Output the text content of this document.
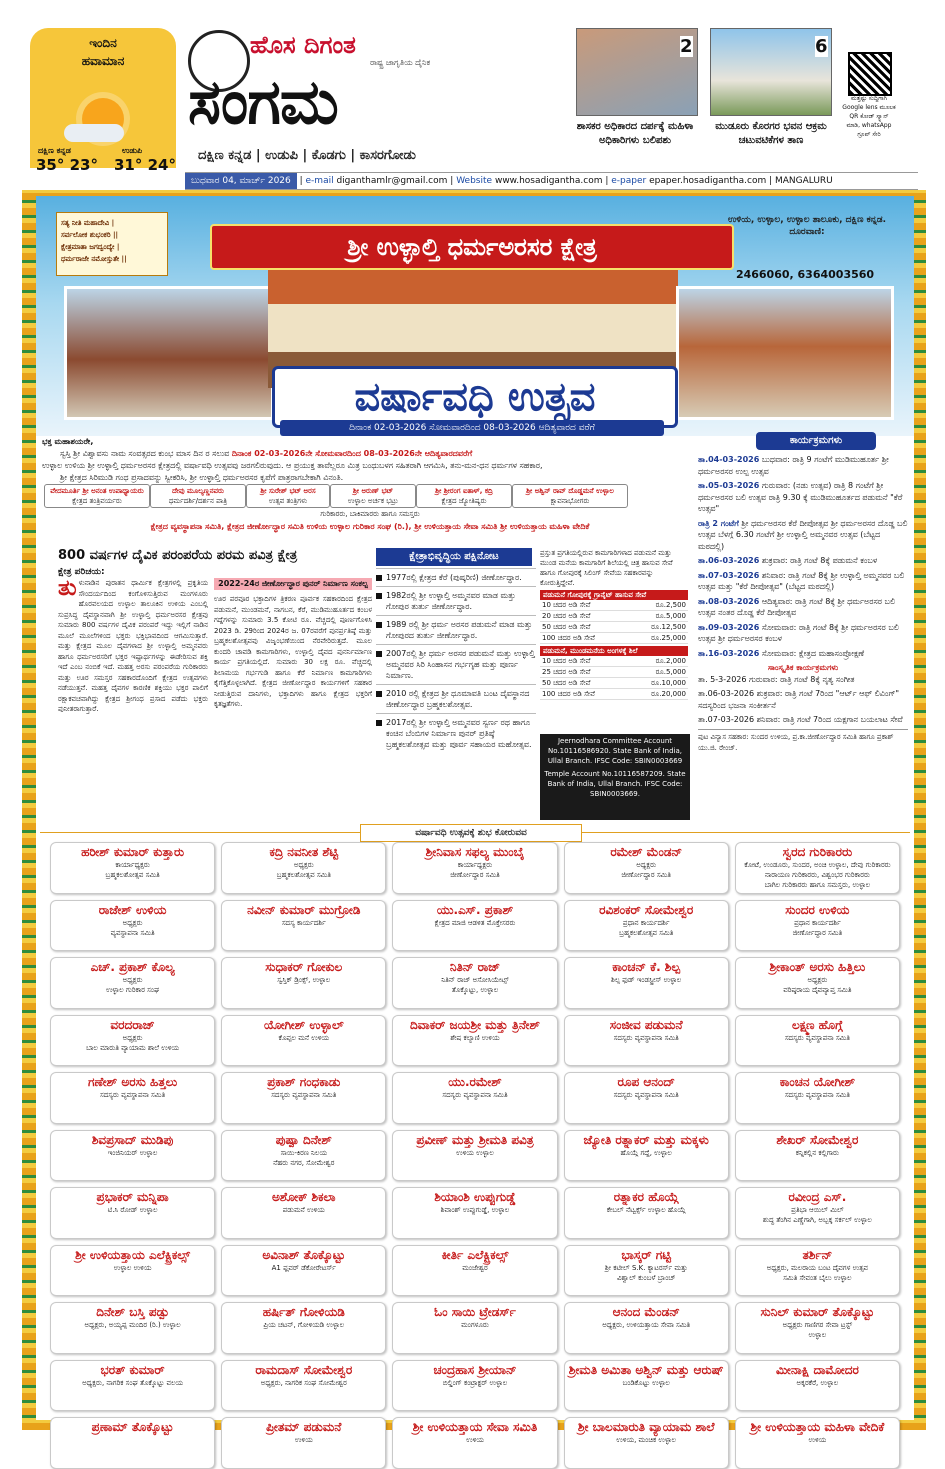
ಇಂದಿನ
ಹವಾಮಾನ
ದಕ್ಷಿಣ ಕನ್ನಡ	ಉಡುಪಿ
35° 23° 31° 24°
ಹೊಸ ದಿಗಂತ
ರಾಷ್ಟ್ರ ಜಾಗೃತಿಯ ದೈನಿಕ
ಸಂಗಮ
ದಕ್ಷಿಣ ಕನ್ನಡ | ಉಡುಪಿ | ಕೊಡಗು | ಕಾಸರಗೋಡು
ಬುಧವಾರ 04, ಮಾರ್ಚ್ 2026 | e-mail diganthamlr@gmail.com | Website www.hosadigantha.com | e-paper epaper.hosadigantha.com | MANGALURU
2
ಶಾಸಕರ ಅಧಿಕಾರದ ದರ್ಪಕ್ಕೆ ಮಹಿಳಾ ಅಧಿಕಾರಿಗಳು ಬಲಿಪಶು
6
ಮುಡೂರು ಕೊರಗರ ಭವನ ಆಕ್ರಮ ಚಟುವಟಿಕೆಗಳ ತಾಣ
ಮತ್ತಷ್ಟು ಸುದ್ದಿಗಾಗಿ Google lens ಮೂಲಕ QR ಕೋಡ್ ಸ್ಕ್ಯಾನ್ ಮಾಡಿ, whatsApp ಗ್ರೂಪ್ ಸೇರಿ
ಶ್ರೀ ಉಳ್ಳಾಲ್ತಿ ಧರ್ಮಅರಸರ ಕ್ಷೇತ್ರ
ಸತ್ಯ ನೀತಿ ಮಹಾದೇವಿ |
ಸರ್ವಲೋಕ ಶುಭಂಕರಿ ||
ಕ್ಷೇತ್ರಮಾತಾ ಜಗದ್ವಂದ್ಯೇ |
ಧರ್ಮರಾಜೇ ನಮೋಸ್ತುತೇ ||
ಉಳಿಯ, ಉಳ್ಳಾಲ, ಉಳ್ಳಾಲ ತಾಲೂಕು, ದಕ್ಷಿಣ ಕನ್ನಡ. ದೂರವಾಣಿ:
2466060, 6364003560
ವರ್ಷಾವಧಿ ಉತ್ಸವ
ದಿನಾಂಕ 02-03-2026 ಸೋಮವಾರದಿಂದ 08-03-2026 ಆದಿತ್ಯವಾರದ ವರೆಗೆ
ಭಕ್ತ ಮಹಾಶಯರೇ,
ಸ್ವಸ್ತಿ ಶ್ರೀ ವಿಶ್ವಾವಸು ನಾಮ ಸಂವತ್ಸರದ ಕುಂಭ ಮಾಸ ದಿನ ರ ಸಲುವ ದಿನಾಂಕ 02-03-2026ನೇ ಸೋಮವಾರದಿಂದ 08-03-2026ನೇ ಆದಿತ್ಯವಾರದವರೆಗೆ
ಉಳ್ಳಾಲ ಉಳಿಯ ಶ್ರೀ ಉಳ್ಳಾಲ್ತಿ ಧರ್ಮಅರಸರ ಕ್ಷೇತ್ರದಲ್ಲಿ ವರ್ಷಾವಧಿ ಉತ್ಸವವು ಜರಗಲಿರುವುದು. ಆ ಪ್ರಯುಕ್ತ ತಾವೆಲ್ಲರೂ ಮಿತ್ರ ಬಂಧುಬಳಗ ಸಹಿತರಾಗಿ ಆಗಮಿಸಿ, ತನು-ಮನ-ಧನ ಧರ್ಮಗಳ ಸಹಕಾರ,
ಶ್ರೀ ಕ್ಷೇತ್ರದ ಸಿರಿಮುಡಿ ಗಂಧ ಪ್ರಸಾದವನ್ನು ಸ್ವೀಕರಿಸಿ, ಶ್ರೀ ಉಳ್ಳಾಲ್ತಿ ಧರ್ಮಅರಸರ ಕೃಪೆಗೆ ಪಾತ್ರರಾಗಬೇಕಾಗಿ ವಿನಂತಿ.
ವೇದಮೂರ್ತಿ ಶ್ರೀ ಅನಂತ ಉಪಾಧ್ಯಾಯರು
ಕ್ಷೇತ್ರದ ತಂತ್ರಿವರ್ಯರು
ದೇವು ಮೂಲ್ಯಣ್ಣನವರು
ಧರ್ಮದರ್ಶಿ/ದರ್ಶನ ಪಾತ್ರಿ
ಶ್ರೀ ಸುರೇಶ್ ಭಟ್ ಅರಸ
ಉತ್ಸವ ತಂತ್ರಿಗಳು
ಶ್ರೀ ಅರುಣ್ ಭಟ್
ಉಳ್ಳಾಲ ಅರ್ಚಕ ಭಟ್ರು
ಶ್ರೀ ಶ್ರೀರಂಗ ಐತಾಳ್, ಕದ್ರಿ
ಕ್ಷೇತ್ರದ ಜ್ಯೋತಿಷ್ಯರು
ಶ್ರೀ ಅಶ್ವಿನ್ ರಾವ್ ದೊಡ್ಡಮನೆ ಉಳ್ಳಾಲ
ಕ್ಷಾವನಾಭೋಗರು
ಗುರಿಕಾರರು, ಬಾಕಿಮಾರರು ಹಾಗೂ ಸಮಸ್ತರು
ಕ್ಷೇತ್ರದ ವ್ಯವಸ್ಥಾಪನಾ ಸಮಿತಿ, ಕ್ಷೇತ್ರದ ಜೀರ್ಣೋದ್ಧಾರ ಸಮಿತಿ ಉಳಿಯ ಉಳ್ಳಾಲ ಗುರಿಕಾರ ಸಂಘ (ರಿ.), ಶ್ರೀ ಉಳಿಯತ್ತಾಯ ಸೇವಾ ಸಮಿತಿ ಶ್ರೀ ಉಳಿಯತ್ತಾಯ ಮಹಿಳಾ ವೇದಿಕೆ
ಕಾರ್ಯಕ್ರಮಗಳು
ತಾ.04-03-2026 ಬುಧವಾರ: ರಾತ್ರಿ 9 ಗಂಟೆಗೆ ಮುಡಿಮುಹೂರ್ತ ಶ್ರೀ ಧರ್ಮಅರಸರ ಉಲ್ಪ ಉತ್ಸವ
ತಾ.05-03-2026 ಗುರುವಾರ: (ನಡು ಉತ್ಸವ) ರಾತ್ರಿ 8 ಗಂಟೆಗೆ ಶ್ರೀ ಧರ್ಮಅರಸರ ಬಲಿ ಉತ್ಸವ ರಾತ್ರಿ 9.30 ಕ್ಕೆ ಮುಡಿಮುಹೂರ್ತದ ಪಡುಮನೆ "ಕೆರೆ ಉತ್ಸವ"
ರಾತ್ರಿ 2 ಗಂಟೆಗೆ ಶ್ರೀ ಧರ್ಮಅರಸರ ಕೆರೆ ದೀಪೋತ್ಸವ ಶ್ರೀ ಧರ್ಮಅರಸರ ದೊಡ್ಡ ಬಲಿ ಉತ್ಸವ ಬೆಳಗ್ಗೆ 6.30 ಗಂಟೆಗೆ ಶ್ರೀ ಉಳ್ಳಾಲ್ತಿ ಅಮ್ಮನವರ ಉತ್ಸವ (ಬೆಟ್ಟದ ಮಠದಲ್ಲಿ)
ತಾ.06-03-2026 ಶುಕ್ರವಾರ: ರಾತ್ರಿ ಗಂಟೆ 8ಕ್ಕೆ ಪಡುಮನೆ ಕಂಬಳ
ತಾ.07-03-2026 ಶನಿವಾರ: ರಾತ್ರಿ ಗಂಟೆ 8ಕ್ಕೆ ಶ್ರೀ ಉಳ್ಳಾಲ್ತಿ ಅಮ್ಮನವರ ಬಲಿ ಉತ್ಸವ ಮತ್ತು "ಕೆರೆ ದೀಪೋತ್ಸವ" (ಬೆಟ್ಟದ ಮಠದಲ್ಲಿ)
ತಾ.08-03-2026 ಆದಿತ್ಯವಾರ: ರಾತ್ರಿ ಗಂಟೆ 8ಕ್ಕೆ ಶ್ರೀ ಧರ್ಮಅರಸರ ಬಲಿ ಉತ್ಸವ ನಂತರ ದೊಡ್ಡ ಕೆರೆ ದೀಪೋತ್ಸವ
ತಾ.09-03-2026 ಸೋಮವಾರ: ರಾತ್ರಿ ಗಂಟೆ 8ಕ್ಕೆ ಶ್ರೀ ಧರ್ಮಅರಸರ ಬಲಿ ಉತ್ಸವ ಶ್ರೀ ಧರ್ಮಅರಸರ ಕಂಬಳ
ತಾ.16-03-2026 ಸೋಮವಾರ: ಕ್ಷೇತ್ರದ ಮಹಾಸಂಪ್ರೋಕ್ಷಣೆ
ಸಾಂಸ್ಕೃತಿಕ ಕಾರ್ಯಕ್ರಮಗಳು
ತಾ. 5-3-2026 ಗುರುವಾರ: ರಾತ್ರಿ ಗಂಟೆ 8ಕ್ಕೆ ನೃತ್ಯ ಸಂಗೀತ
ತಾ.06-03-2026 ಶುಕ್ರವಾರ: ರಾತ್ರಿ ಗಂಟೆ 7ರಿಂದ "ಆರ್ಟ್ ಆಫ್ ಲಿವಿಂಗ್" ಸದಸ್ಯರಿಂದ ಭಜನಾ ಸಂಕೀರ್ತನೆ
ತಾ.07-03-2026 ಶನಿವಾರ: ರಾತ್ರಿ ಗಂಟೆ 7ರಿಂದ ಯಕ್ಷಗಾನ ಬಯಲಾಟ ಸೇವೆ
ಪುಟ ವಿನ್ಯಾಸ ಸಹಕಾರ: ಸುಂದರ ಉಳಿಯ, ಪ್ರ.ಕಾ.ಜೀರ್ಣೋದ್ಧಾರ ಸಮಿತಿ ಹಾಗೂ ಪ್ರಕಾಶ್ ಯು.ಜಿ. ರೇಂಜ್.
800 ವರ್ಷಗಳ ದೈವಿಕ ಪರಂಪರೆಯ ಪರಮ ಪವಿತ್ರ ಕ್ಷೇತ್ರ
ಕ್ಷೇತ್ರ ಪರಿಚಯ:
ತು ಳುನಾಡಿನ ಪುರಾತನ ಧಾರ್ಮಿಕ ಕ್ಷೇತ್ರಗಳಲ್ಲಿ ಪ್ರಕೃತಿಯ ಸೌಂದರ್ಯದಿಂದ ಕಂಗೊಳಿಸುತ್ತಿರುವ ಮಂಗಳೂರು ಹೊರವಲಯದ ಉಳ್ಳಾಲ ತಾಲೂಕಿನ ಉಳಿಯ ಎಂಬಲ್ಲಿ ಸುಪ್ರಸಿದ್ಧ ದೈವಸ್ಥಾನವಾಗಿ ಶ್ರೀ ಉಳ್ಳಾಲ್ತಿ ಧರ್ಮಅರಸರ ಕ್ಷೇತ್ರವು ಸುಮಾರು 800 ವರ್ಷಗಳ ದೈವಿಕ ಪರಂಪರೆ ಇದ್ದು ಇಲ್ಲಿಗೆ ನಾಡಿನ ಮೂಲೆ ಮೂಲೆಗಳಿಂದ ಭಕ್ತರು ಭಕ್ತಿಭಾವದಿಂದ ಆಗಮಿಸುತ್ತಾರೆ. ಮತ್ತು ಕ್ಷೇತ್ರದ ಮೂಲ ದೈವಗಳಾದ ಶ್ರೀ ಉಳ್ಳಾಲ್ತಿ ಅಮ್ಮನವರು ಹಾಗೂ ಧರ್ಮಅರಸರಿಗೆ ಭಕ್ತರ ಇಷ್ಟಾರ್ಥಗಳನ್ನು ಈಡೇರಿಸುವ ಶಕ್ತಿ ಇದೆ ಎಂಬ ನಂಬಿಕೆ ಇದೆ. ಮಹತ್ತ ಅರಸು ಪರಂಪರೆಯ ಗುರಿಕಾರರು ಮತ್ತು ಊರ ಸಮಸ್ತರ ಸಹಕಾರದೊಂದಿಗೆ ಕ್ಷೇತ್ರದ ಉತ್ಸವಗಳು ನಡೆಯುತ್ತವೆ. ಮಹತ್ತ ದೈವಗಳ ಕಾರಣಿಕ ಶಕ್ತಿಯು ಭಕ್ತರ ಪಾಲಿಗೆ ರಕ್ಷಾಕವಚವಾಗಿದ್ದು ಕ್ಷೇತ್ರದ ಶ್ರೀಗಂಧ ಪ್ರಸಾದ ಪಡೆದು ಭಕ್ತರು ಪುನೀತರಾಗುತ್ತಾರೆ.
2022-24ರ ಜೀರ್ಣೋದ್ಧಾರ ಪುನರ್ ನಿರ್ಮಾಣ ಸಂಕಲ್ಪ
ಊರ ಪರವೂರ ಭಕ್ತಾದಿಗಳ ತ್ರಿಕರಣ ಪೂರ್ವಕ ಸಹಕಾರದಿಂದ ಕ್ಷೇತ್ರದ ಪಡುಮನೆ, ಮುಂಡಮನೆ, ನಾಗಬನ, ಕೆರೆ, ಮುಡಿಮುಹೂರ್ತದ ಕಂಬಳ ಗದ್ದೆಗಳನ್ನು ಸುಮಾರು 3.5 ಕೋಟಿ ರೂ. ವೆಚ್ಚದಲ್ಲಿ ಪೂರ್ಣಗೊಳಿಸಿ 2023 ಡಿ. 29ರಿಂದ 2024ರ ಜ. 07ರವರೆಗೆ ಪುನರ್ಪ್ರತಿಷ್ಠೆ ಮತ್ತು ಬ್ರಹ್ಮಕಲಶೋತ್ಸವವು ವಿಜೃಂಭಣೆಯಿಂದ ನೆರವೇರಿರುತ್ತದೆ. ಮೂಲ ಕುಂದರಿ ಚಾವಡಿ ಕಾಮಗಾರಿಗಳು, ಉಳ್ಳಾಲ್ತಿ ದೈವದ ಪುನರ್ನಿರ್ಮಾಣ ಕಾರ್ಯ ಪ್ರಗತಿಯಲ್ಲಿದೆ. ಸುಮಾರು 30 ಲಕ್ಷ ರೂ. ವೆಚ್ಚದಲ್ಲಿ ಶಿಲಾಮಯ ಗರ್ಭಗುಡಿ ಹಾಗೂ ಕೆರೆ ನಿರ್ಮಾಣ ಕಾಮಗಾರಿಗಳು ಕೈಗೆತ್ತಿಕೊಳ್ಳಲಾಗಿದೆ. ಕ್ಷೇತ್ರದ ಜೀರ್ಣೋದ್ಧಾರ ಕಾರ್ಯಗಳಿಗೆ ಸಹಕಾರ ನೀಡುತ್ತಿರುವ ದಾನಿಗಳು, ಭಕ್ತಾದಿಗಳು ಹಾಗೂ ಕ್ಷೇತ್ರದ ಭಕ್ತರಿಗೆ ಕೃತಜ್ಞತೆಗಳು.
ಕ್ಷೇತ್ರಾಭಿವೃದ್ಧಿಯ ಪಕ್ಷಿನೋಟ
1977ರಲ್ಲಿ ಕ್ಷೇತ್ರದ ಕೆರೆ (ಪುಷ್ಕರಿಣಿ) ಜೀರ್ಣೋದ್ಧಾರ.
1982ರಲ್ಲಿ ಶ್ರೀ ಉಳ್ಳಾಲ್ತಿ ಅಮ್ಮನವರ ಮಾಡ ಮತ್ತು ಗೋಪುರ ತುರ್ತು ಜೀರ್ಣೋದ್ಧಾರ.
1989 ರಲ್ಲಿ ಶ್ರೀ ಧರ್ಮ ಅರಸರ ಪಡುಮನೆ ಮಾಡ ಮತ್ತು ಗೋಪುರದ ತುರ್ತು ಜೀರ್ಣೋದ್ಧಾರ.
2007ರಲ್ಲಿ ಶ್ರೀ ಧರ್ಮ ಅರಸರ ಪಡುಮನೆ ಮತ್ತು ಉಳ್ಳಾಲ್ತಿ ಅಮ್ಮನವರ ಸಿರಿ ಸಿಂಹಾಸನ ಗರ್ಭಗೃಹ ಮತ್ತು ಪೂರ್ಣ ನಿರ್ಮಾಣ.
2010 ರಲ್ಲಿ ಕ್ಷೇತ್ರದ ಶ್ರೀ ಧೂಮಾವತಿ ಬಂಟ ದೈವಸ್ಥಾನದ ಜೀರ್ಣೋದ್ಧಾರ ಬ್ರಹ್ಮಕಲಶೋತ್ಸವ.
2017ರಲ್ಲಿ ಶ್ರೀ ಉಳ್ಳಾಲ್ತಿ ಅಮ್ಮನವರ ಸ್ವರ್ಣ ರಥ ಹಾಗೂ ಕಂಚಿನ ಬೆಂಬಿಗಳ ನಿರ್ಮಾಣ ಪುನರ್ ಪ್ರತಿಷ್ಠೆ ಬ್ರಹ್ಮಕಲಶೋತ್ಸವ ಮತ್ತು ಪೂರ್ವ ಸಹಾಯರ ಮಹೋತ್ಸವ.
ಪ್ರಸ್ತುತ ಪ್ರಗತಿಯಲ್ಲಿರುವ ಕಾಮಗಾರಿಗಳಾದ ಪಡುಮನೆ ಮತ್ತು ಮುಂಡ ಮನೆಯ ಕಾಮಗಾರಿಗೆ ಶಿಲೆಯಲ್ಲಿ ಚಿತ್ರ ಹಾಸುವ ಸೇವೆ ಹಾಗೂ ಗೋಪುರಕ್ಕೆ ಸಿಲಿಂಗ್ ಸೇವೆಯ ಸಹಕಾರವನ್ನು ಕೋರುತ್ತಿದ್ದೇವೆ.
ಪಡುಮನೆ ಗೋಪುರಕ್ಕೆ ಗ್ರಾನೈಟ್ ಹಾಸುವ ಸೇವೆ
10 ಚದರ ಅಡಿ ಸೇವೆ	ರೂ.2,500
20 ಚದರ ಅಡಿ ಸೇವೆ	ರೂ.5,000
50 ಚದರ ಅಡಿ ಸೇವೆ	ರೂ.12,500
100 ಚದರ ಅಡಿ ಸೇವೆ	ರೂ.25,000
ಪಡುಮನೆ, ಮುಂಡಮನೆಯ ಅಂಗಳಕ್ಕೆ ಶಿಲೆ
10 ಚದರ ಅಡಿ ಸೇವೆ	ರೂ.2,000
25 ಚದರ ಅಡಿ ಸೇವೆ	ರೂ.5,000
50 ಚದರ ಅಡಿ ಸೇವೆ	ರೂ.10,000
100 ಚದರ ಅಡಿ ಸೇವೆ	ರೂ.20,000
Jeernodhara Committee Account No.10116586920. State Bank of India, Ullal Branch. IFSC Code: SBIN0003669
Temple Account No.10116587209. State Bank of India, Ullal Branch. IFSC Code: SBIN0003669.
ವರ್ಷಾವಧಿ ಉತ್ಸವಕ್ಕೆ ಶುಭ ಕೋರುವವ
ಹರೀಶ್ ಕುಮಾರ್ ಕುತ್ತಾರು
ಕಾರ್ಯಾಧ್ಯಕ್ಷರು
ಬ್ರಹ್ಮಕಲಶೋತ್ಸವ ಸಮಿತಿ
ಕದ್ರಿ ನವನೀತ ಶೆಟ್ಟಿ
ಅಧ್ಯಕ್ಷರು
ಬ್ರಹ್ಮಕಲಶೋತ್ಸವ ಸಮಿತಿ
ಶ್ರೀನಿವಾಸ ಸಫಲ್ಯ ಮುಂಬೈ
ಕಾರ್ಯಾಧ್ಯಕ್ಷರು
ಜೀರ್ಣೋದ್ಧಾರ ಸಮಿತಿ
ರಮೇಶ್ ಮೆಂಡನ್
ಅಧ್ಯಕ್ಷರು
ಜೀರ್ಣೋದ್ಧಾರ ಸಮಿತಿ
ಸ್ವರದ ಗುರಿಕಾರರು
ಕೋಟೆ, ಉಂಡೂರು, ಸುಂದರ, ಅಂಚಿ ಉಳ್ಳಾಲ, ದೇವು ಗುರಿಕಾರರು
ನಾರಾಯಣ ಗುರಿಕಾರರು, ವಿಶ್ವಂಭರ ಗುರಿಕಾರರು
ಬಾಗಿಲ ಗುರಿಕಾರರು ಹಾಗೂ ಸಮಸ್ತರು, ಉಳ್ಳಾಲ
ರಾಜೇಶ್ ಉಳಿಯ
ಅಧ್ಯಕ್ಷರು
ವ್ಯವಸ್ಥಾಪನಾ ಸಮಿತಿ
ನವೀನ್ ಕುಮಾರ್ ಮುಗ್ರೋಡಿ
ಸದಸ್ಯ ಕಾರ್ಯದರ್ಶಿ
ಯು.ಎಸ್. ಪ್ರಕಾಶ್
ಕ್ಷೇತ್ರದ ಮಾಜಿ ಆಡಳಿತ ಮೊಕ್ತೇಸರರು
ರವಿಶಂಕರ್ ಸೋಮೇಶ್ವರ
ಪ್ರಧಾನ ಕಾರ್ಯದರ್ಶಿ
ಬ್ರಹ್ಮಕಲಶೋತ್ಸವ ಸಮಿತಿ
ಸುಂದರ ಉಳಿಯ
ಪ್ರಧಾನ ಕಾರ್ಯದರ್ಶಿ
ಜೀರ್ಣೋದ್ಧಾರ ಸಮಿತಿ
ಎಚ್. ಪ್ರಕಾಶ್ ಕೊಲ್ಯ
ಅಧ್ಯಕ್ಷರು
ಉಳ್ಳಾಲ ಗುರಿಕಾರ ಸಂಘ
ಸುಧಾಕರ್ ಗೋಕುಲ
ಸ್ವಸ್ತಿಕ್ ಡ್ರಿಂಕ್ಸ್, ಉಳ್ಳಾಲ
ನಿತಿನ್ ರಾಜ್
ನಿತಿನ್ ರಾಜ್ ಅಸೋಸಿಯೇಟ್ಸ್
ತೊಕ್ಕೊಟ್ಟು, ಉಳ್ಳಾಲ
ಕಾಂಚನ್ ಕೆ. ಶಿಲ್ಪ
ಶಿಲ್ಪ ಫುಡ್ ಇಂಡಸ್ಟ್ರೀಸ್ ಉಳ್ಳಾಲ
ಶ್ರೀಕಾಂತ್ ಅರಸು ಹಿತ್ತಿಲು
ಅಧ್ಯಕ್ಷರು
ವರಿಷ್ಠರಾಯ ದೈವವ್ಯಾಪ್ತ ಸಮಿತಿ
ವರದರಾಜ್
ಅಧ್ಯಕ್ಷರು
ಬಾಲ ಮಾರುತಿ ವ್ಯಾಯಾಮ ಶಾಲೆ ಉಳಿಯ
ಯೋಗೀಶ್ ಉಳ್ಳಾಲ್
ಕೊಪ್ಪಲ ಮನೆ ಉಳಿಯ
ದಿವಾಕರ್ ಜಯಶ್ರೀ ಮತ್ತು ತ್ರಿನೇಶ್
ಶೇಷ ಕಲ್ಯಾಣಿ ಉಳಿಯ
ಸಂಜೀವ ಪಡುಮನೆ
ಸದಸ್ಯರು ವ್ಯವಸ್ಥಾಪನಾ ಸಮಿತಿ
ಲಕ್ಷ್ಮಣ ಹೊಗ್ಗೆ
ಸದಸ್ಯರು ವ್ಯವಸ್ಥಾಪನಾ ಸಮಿತಿ
ಗಣೇಶ್ ಅರಸು ಹಿತ್ತಲು
ಸದಸ್ಯರು ವ್ಯವಸ್ಥಾಪನಾ ಸಮಿತಿ
ಪ್ರಕಾಶ್ ಗಂಧಕಾಡು
ಸದಸ್ಯರು ವ್ಯವಸ್ಥಾಪನಾ ಸಮಿತಿ
ಯು.ರಮೇಶ್
ಸದಸ್ಯರು ವ್ಯವಸ್ಥಾಪನಾ ಸಮಿತಿ
ರೂಪ ಆನಂದ್
ಸದಸ್ಯರು ವ್ಯವಸ್ಥಾಪನಾ ಸಮಿತಿ
ಕಾಂಚನ ಯೋಗೀಶ್
ಸದಸ್ಯರು ವ್ಯವಸ್ಥಾಪನಾ ಸಮಿತಿ
ಶಿವಪ್ರಸಾದ್ ಮುಡಿಪು
ಇಂಜಿನಿಯರ್ ಉಳ್ಳಾಲ
ಪುಷ್ಪಾ ದಿನೇಶ್
ಸಾಯಿ-ಕಿರಣ ನಿಲಯ
ನೆಹರು ನಗರ, ಸೋಮೇಶ್ವರ
ಪ್ರವೀಣ್ ಮತ್ತು ಶ್ರೀಮತಿ ಪವಿತ್ರ
ಉಳಿಯ ಉಳ್ಳಾಲ
ಜ್ಯೋತಿ ರತ್ನಾಕರ್ ಮತ್ತು ಮಕ್ಕಳು
ಹೊಯ್ಗೆ ಗದ್ದೆ, ಉಳ್ಳಾಲ
ಶೇಖರ್ ಸೋಮೇಶ್ವರ
ಕನ್ನಿಕಲ್ಲಿನ ಕಲ್ಲಿಗಾರು
ಪ್ರಭಾಕರ್ ಮನ್ನಿಪಾ
ಟಿ.ಸಿ ರೋಡ್ ಉಳ್ಳಾಲ
ಅಶೋಕ್ ಶಿಕಲಾ
ಪಡುಮನೆ ಉಳಿಯ
ಶಿಯಾಂಶಿ ಉಪ್ಪುಗುಡ್ಡೆ
ಶಿವಾಂಶ್ ಉಪ್ಪುಗುಡ್ಡೆ, ಉಳ್ಳಾಲ
ರತ್ನಾಕರ ಹೊಯ್ಗೆ
ಕೇಬಲ್ ನೆಟ್ವರ್ಕ್ಸ್ ಉಳ್ಳಾಲ ಹೊಯ್ಗೆ
ರವೀಂದ್ರ ಎಸ್.
ಪ್ರತಿಭಾ ಆಯಿಲ್ ಮಿಲ್
ಶುದ್ಧ ತೆಂಗಿನ ಎಣ್ಣೆಗಾಗಿ, ಅಬ್ಬಕ್ಕ ಸರ್ಕಲ್ ಉಳ್ಳಾಲ
ಶ್ರೀ ಉಳಿಯತ್ತಾಯ ಎಲೆಕ್ಟ್ರಿಕಲ್ಸ್
ಉಳ್ಳಾಲ ಉಳಿಯ
ಅವಿನಾಶ್ ತೊಕ್ಕೊಟ್ಟು
A1 ಫ್ಲವರ್ ಡೆಕೋರೇಟರ್ಸ್
ಕೀರ್ತಿ ಎಲೆಕ್ಟ್ರಿಕಲ್ಸ್
ಮಂಜೇಶ್ವರ
ಭಾಸ್ಕರ್ ಗಟ್ಟಿ
ಶ್ರೀ ಕಟೀಲ್ S.K. ಕ್ಯಾಟರರ್ಸ್ ಮತ್ತು
ವಿಶ್ವಾಲ್ ಕುಂಬಳೆ ಬ್ರಾಂಚ್
ತರ್ಶಿನ್
ಅಧ್ಯಕ್ಷರು, ಮಲರಾಯ ಬಂಟ ದೈವಗಳ ಉತ್ಸವ
ಸಮಿತಿ ಸೇವಂತ ಬೈಲು ಉಳ್ಳಾಲ
ದಿನೇಶ್ ಬಸ್ತಿ ಪಡ್ಪು
ಅಧ್ಯಕ್ಷರು, ಅಯ್ಯಪ್ಪ ಮಂದಿರ (ರಿ.) ಉಳ್ಳಾಲ
ಹರ್ಷಿತ್ ಗೋಳಿಯಡಿ
ಪ್ರಿಯ ಚಟನ್, ಗೋಳಿಯಡಿ ಉಳ್ಳಾಲ
ಓಂ ಸಾಯಿ ಟ್ರೇಡರ್ಸ್
ಮಂಗಳೂರು
ಆನಂದ ಮೆಂಡನ್
ಅಧ್ಯಕ್ಷರು, ಉಳಿಯತ್ತಾಯ ಸೇವಾ ಸಮಿತಿ
ಸುನಿಲ್ ಕುಮಾರ್ ತೊಕ್ಕೊಟ್ಟು
ಅಧ್ಯಕ್ಷರು ಗಾಣಿಗರ ಸೇವಾ ಟ್ರಸ್ಟ್
ಉಳ್ಳಾಲ
ಭರತ್ ಕುಮಾರ್
ಅಧ್ಯಕ್ಷರು, ನಾಗರಿಕ ಸಂಘ ತೊಕ್ಕೊಟ್ಟು ವಲಯ
ರಾಮದಾಸ್ ಸೋಮೇಶ್ವರ
ಅಧ್ಯಕ್ಷರು, ನಾಗರಿಕ ಸಂಘ ಸೋಮೇಶ್ವರ
ಚಂದ್ರಹಾಸ ಶ್ರೀಯಾನ್
ಬಿಲ್ಡಿಂಗ್ ಕಂಟ್ರಾಕ್ಟರ್ ಉಳ್ಳಾಲ
ಶ್ರೀಮತಿ ಅಮಿತಾ ಅಶ್ವಿನ್ ಮತ್ತು ಆರುಷ್
ಬಂಡಿಕೊಟ್ಟು ಉಳ್ಳಾಲ
ಮೀನಾಕ್ಷಿ ದಾಮೋದರ
ಅಕ್ಕರಕೆರೆ, ಉಳ್ಳಾಲ
ಪ್ರಣಾಮ್ ತೊಕ್ಕೊಟ್ಟು	ಪ್ರೀತಮ್ ಪಡುಮನೆ
ಉಳಿಯ
ಶ್ರೀ ಉಳಿಯತ್ತಾಯ ಸೇವಾ ಸಮಿತಿ
ಉಳಿಯ
ಶ್ರೀ ಬಾಲಮಾರುತಿ ವ್ಯಾಯಾಮ ಶಾಲೆ
ಉಳಿಯ, ಮಂಚಿಕ ಉಳ್ಳಾಲ
ಶ್ರೀ ಉಳಿಯತ್ತಾಯ ಮಹಿಳಾ ವೇದಿಕೆ
ಉಳಿಯ
